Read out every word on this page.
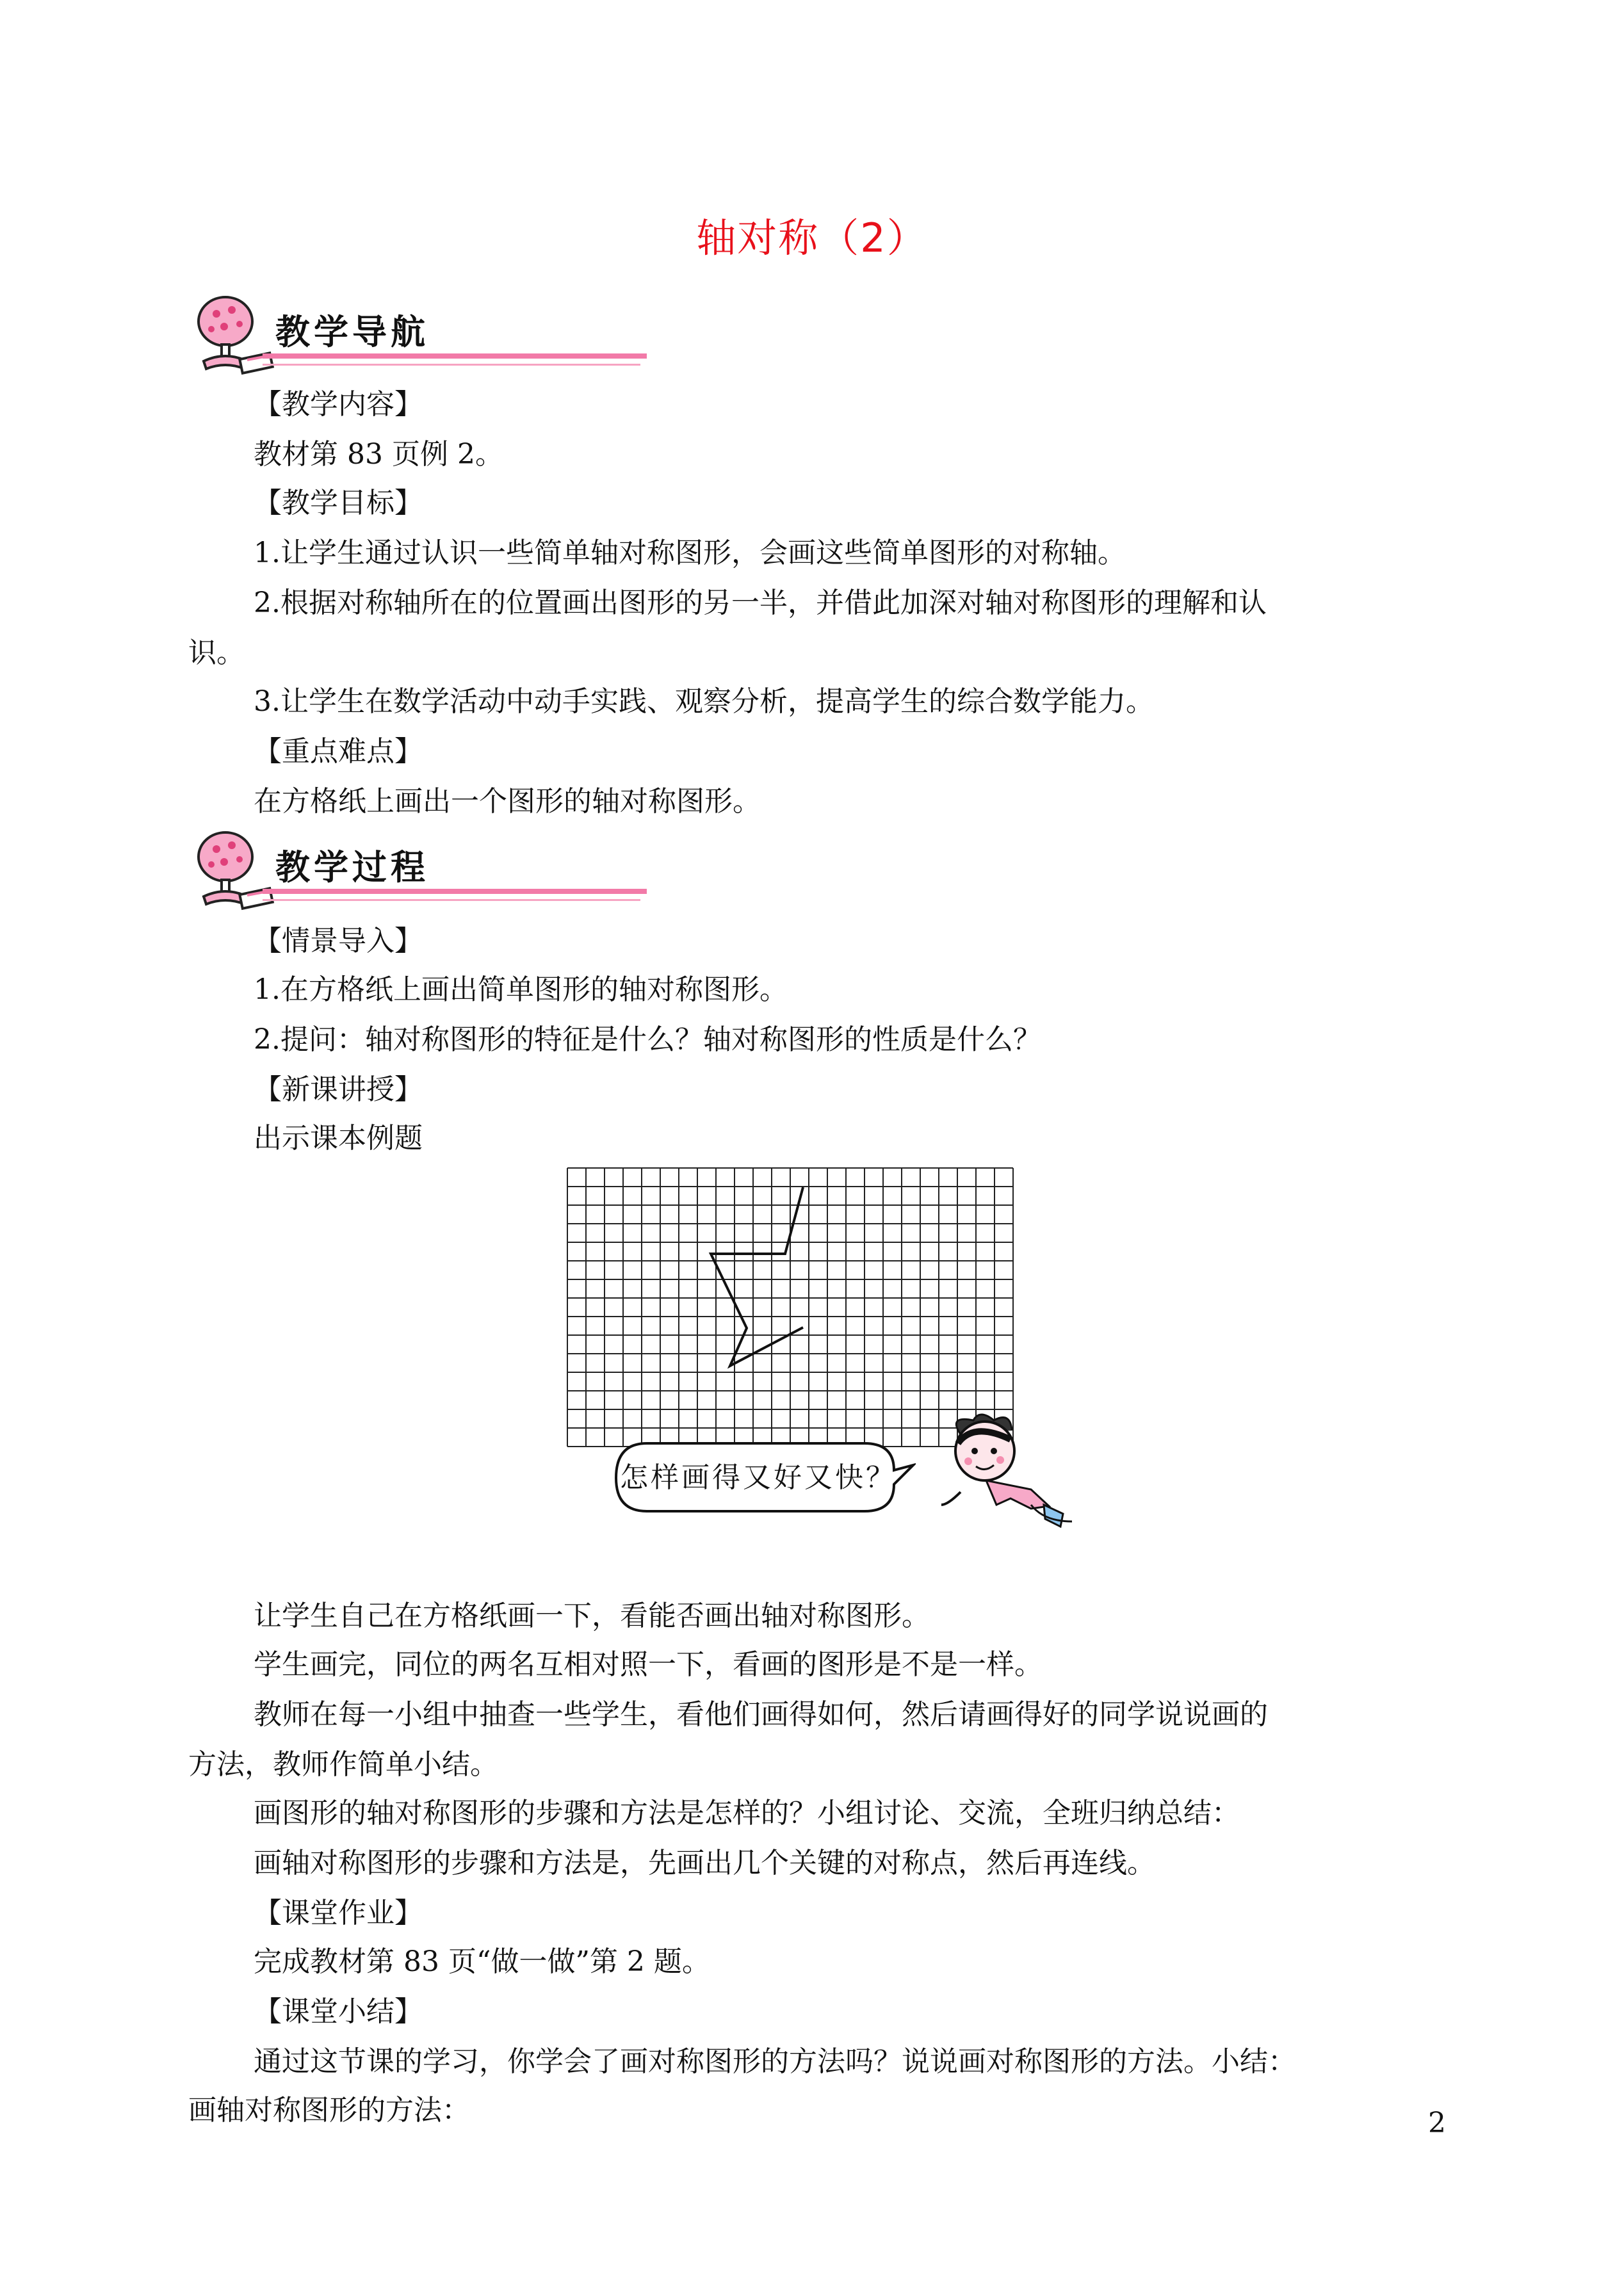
轴对称（2）
教学导航
【教学内容】
教材第 83 页例 2。
【教学目标】
1.让学生通过认识一些简单轴对称图形，会画这些简单图形的对称轴。
2.根据对称轴所在的位置画出图形的另一半，并借此加深对轴对称图形的理解和认
识。
3.让学生在数学活动中动手实践、观察分析，提高学生的综合数学能力。
【重点难点】
在方格纸上画出一个图形的轴对称图形。
教学过程
【情景导入】
1.在方格纸上画出简单图形的轴对称图形。
2.提问：轴对称图形的特征是什么？轴对称图形的性质是什么？
【新课讲授】
出示课本例题
怎样画得又好又快？
让学生自己在方格纸画一下，看能否画出轴对称图形。
学生画完，同位的两名互相对照一下，看画的图形是不是一样。
教师在每一小组中抽查一些学生，看他们画得如何，然后请画得好的同学说说画的
方法，教师作简单小结。
画图形的轴对称图形的步骤和方法是怎样的？小组讨论、交流，全班归纳总结：
画轴对称图形的步骤和方法是，先画出几个关键的对称点，然后再连线。
【课堂作业】
完成教材第 83 页“做一做”第 2 题。
【课堂小结】
通过这节课的学习，你学会了画对称图形的方法吗？说说画对称图形的方法。小结：
画轴对称图形的方法：	2
